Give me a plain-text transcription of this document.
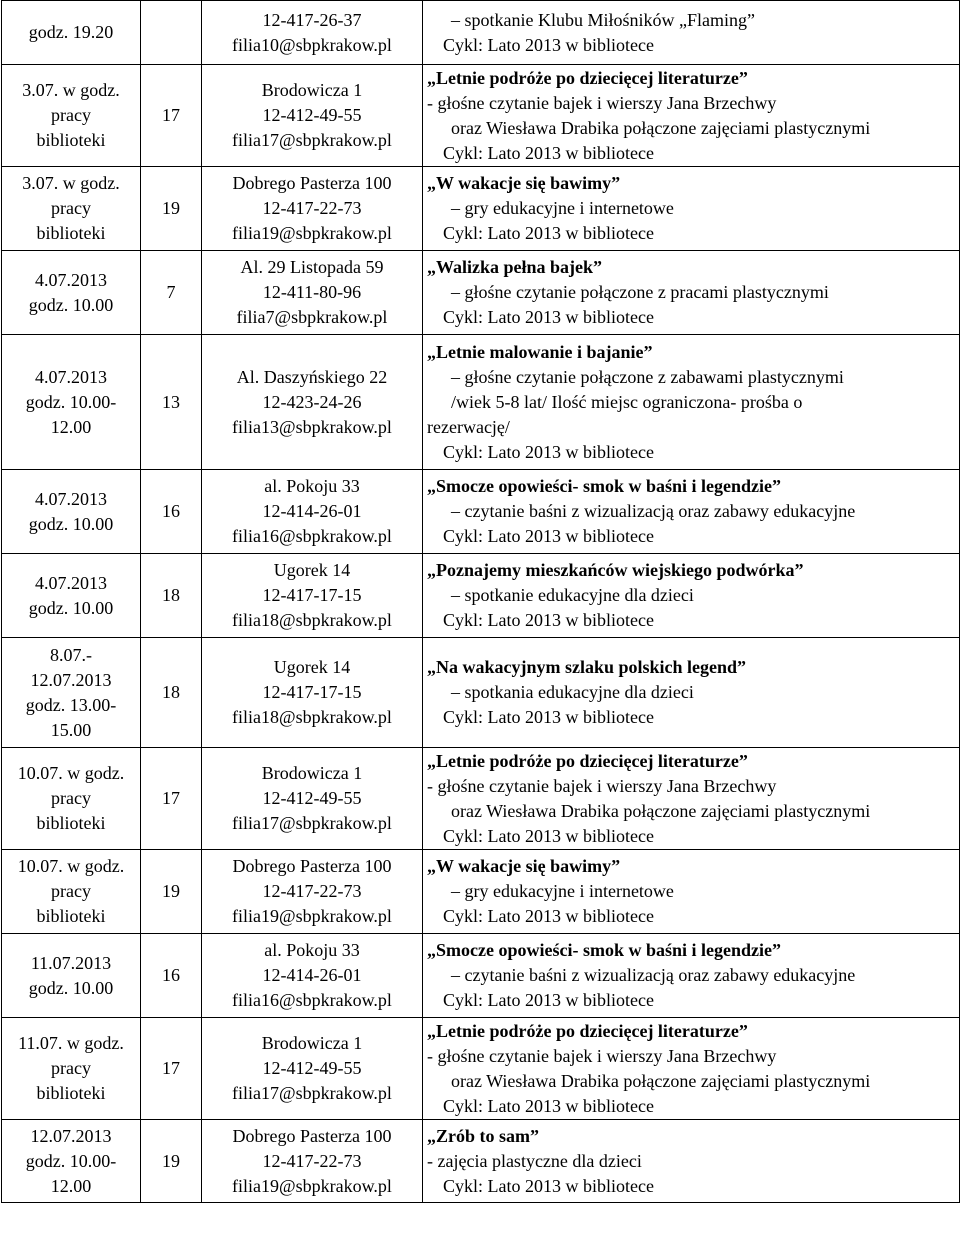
godz. 19.20		12-417-26-37
filia10@sbpkrakow.pl	– spotkanie Klubu Miłośników „Flaming”
Cykl: Lato 2013 w bibliotece

3.07. w godz.
pracy
biblioteki	17	Brodowicza 1
12-412-49-55
filia17@sbpkrakow.pl	„Letnie podróże po dziecięcej literaturze”
- głośne czytanie bajek i wierszy Jana Brzechwy
oraz Wiesława Drabika połączone zajęciami plastycznymi
Cykl: Lato 2013 w bibliotece

3.07. w godz.
pracy
biblioteki	19	Dobrego Pasterza 100
12-417-22-73
filia19@sbpkrakow.pl	„W wakacje się bawimy”
– gry edukacyjne i internetowe
Cykl: Lato 2013 w bibliotece

4.07.2013
godz. 10.00	7	Al. 29 Listopada 59
12-411-80-96
filia7@sbpkrakow.pl	„Walizka pełna bajek”
– głośne czytanie połączone z pracami plastycznymi
Cykl: Lato 2013 w bibliotece

4.07.2013
godz. 10.00-
12.00	13	Al. Daszyńskiego 22
12-423-24-26
filia13@sbpkrakow.pl	„Letnie malowanie i bajanie”
– głośne czytanie połączone z zabawami plastycznymi
/wiek 5-8 lat/ Ilość miejsc ograniczona- prośba o
rezerwację/
Cykl: Lato 2013 w bibliotece

4.07.2013
godz. 10.00	16	al. Pokoju 33
12-414-26-01
filia16@sbpkrakow.pl	„Smocze opowieści- smok w baśni i legendzie”
– czytanie baśni z wizualizacją oraz zabawy edukacyjne
Cykl: Lato 2013 w bibliotece

4.07.2013
godz. 10.00	18	Ugorek 14
12-417-17-15
filia18@sbpkrakow.pl	„Poznajemy mieszkańców wiejskiego podwórka”
– spotkanie edukacyjne dla dzieci
Cykl: Lato 2013 w bibliotece

8.07.-
12.07.2013
godz. 13.00-
15.00	18	Ugorek 14
12-417-17-15
filia18@sbpkrakow.pl	„Na wakacyjnym szlaku polskich legend”
– spotkania edukacyjne dla dzieci
Cykl: Lato 2013 w bibliotece

10.07. w godz.
pracy
biblioteki	17	Brodowicza 1
12-412-49-55
filia17@sbpkrakow.pl	„Letnie podróże po dziecięcej literaturze”
- głośne czytanie bajek i wierszy Jana Brzechwy
oraz Wiesława Drabika połączone zajęciami plastycznymi
Cykl: Lato 2013 w bibliotece

10.07. w godz.
pracy
biblioteki	19	Dobrego Pasterza 100
12-417-22-73
filia19@sbpkrakow.pl	„W wakacje się bawimy”
– gry edukacyjne i internetowe
Cykl: Lato 2013 w bibliotece

11.07.2013
godz. 10.00	16	al. Pokoju 33
12-414-26-01
filia16@sbpkrakow.pl	„Smocze opowieści- smok w baśni i legendzie”
– czytanie baśni z wizualizacją oraz zabawy edukacyjne
Cykl: Lato 2013 w bibliotece

11.07. w godz.
pracy
biblioteki	17	Brodowicza 1
12-412-49-55
filia17@sbpkrakow.pl	„Letnie podróże po dziecięcej literaturze”
- głośne czytanie bajek i wierszy Jana Brzechwy
oraz Wiesława Drabika połączone zajęciami plastycznymi
Cykl: Lato 2013 w bibliotece

12.07.2013
godz. 10.00-
12.00	19	Dobrego Pasterza 100
12-417-22-73
filia19@sbpkrakow.pl	„Zrób to sam”
- zajęcia plastyczne dla dzieci
Cykl: Lato 2013 w bibliotece
